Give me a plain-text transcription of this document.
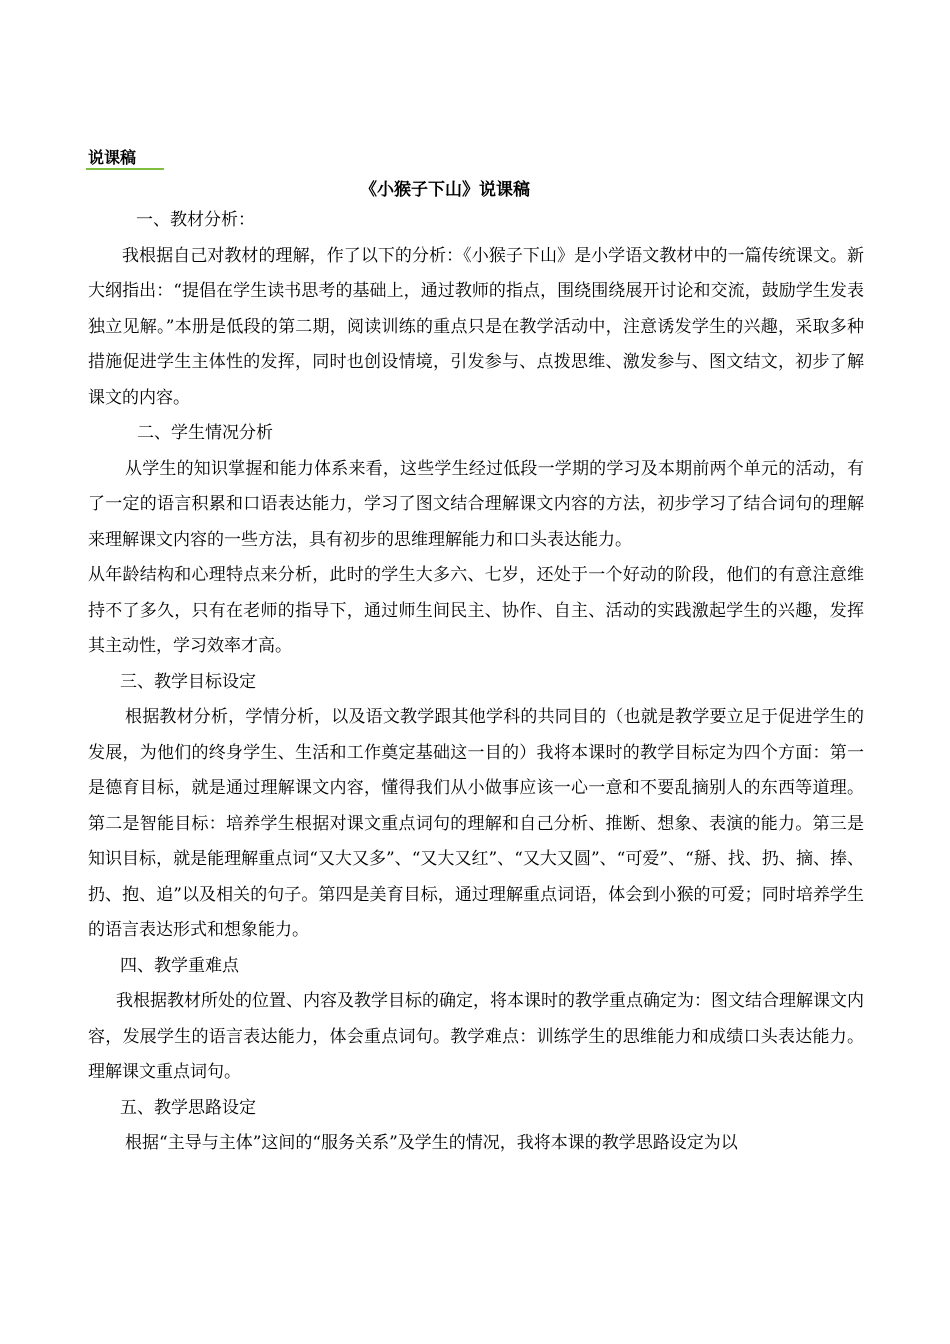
说课稿
《小猴子下山》说课稿

一、教材分析：

我根据自己对教材的理解，作了以下的分析：《小猴子下山》是小学语文教材中的一篇传统课文。新大纲指出：“提倡在学生读书思考的基础上，通过教师的指点，围绕围绕展开讨论和交流，鼓励学生发表独立见解。”本册是低段的第二期，阅读训练的重点只是在教学活动中，注意诱发学生的兴趣，采取多种措施促进学生主体性的发挥，同时也创设情境，引发参与、点拨思维、激发参与、图文结文，初步了解课文的内容。

二、学生情况分析

从学生的知识掌握和能力体系来看，这些学生经过低段一学期的学习及本期前两个单元的活动，有了一定的语言积累和口语表达能力，学习了图文结合理解课文内容的方法，初步学习了结合词句的理解来理解课文内容的一些方法，具有初步的思维理解能力和口头表达能力。

从年龄结构和心理特点来分析，此时的学生大多六、七岁，还处于一个好动的阶段，他们的有意注意维持不了多久，只有在老师的指导下，通过师生间民主、协作、自主、活动的实践激起学生的兴趣，发挥其主动性，学习效率才高。

三、教学目标设定

根据教材分析，学情分析，以及语文教学跟其他学科的共同目的（也就是教学要立足于促进学生的发展，为他们的终身学生、生活和工作奠定基础这一目的）我将本课时的教学目标定为四个方面：第一是德育目标，就是通过理解课文内容，懂得我们从小做事应该一心一意和不要乱摘别人的东西等道理。第二是智能目标：培养学生根据对课文重点词句的理解和自己分析、推断、想象、表演的能力。第三是知识目标，就是能理解重点词“又大又多”、“又大又红”、“又大又圆”、“可爱”、“掰、找、扔、摘、捧、扔、抱、追”以及相关的句子。第四是美育目标，通过理解重点词语，体会到小猴的可爱；同时培养学生的语言表达形式和想象能力。

四、教学重难点

我根据教材所处的位置、内容及教学目标的确定，将本课时的教学重点确定为：图文结合理解课文内容，发展学生的语言表达能力，体会重点词句。教学难点：训练学生的思维能力和成绩口头表达能力。理解课文重点词句。

五、教学思路设定

根据“主导与主体”这间的“服务关系”及学生的情况，我将本课的教学思路设定为以
